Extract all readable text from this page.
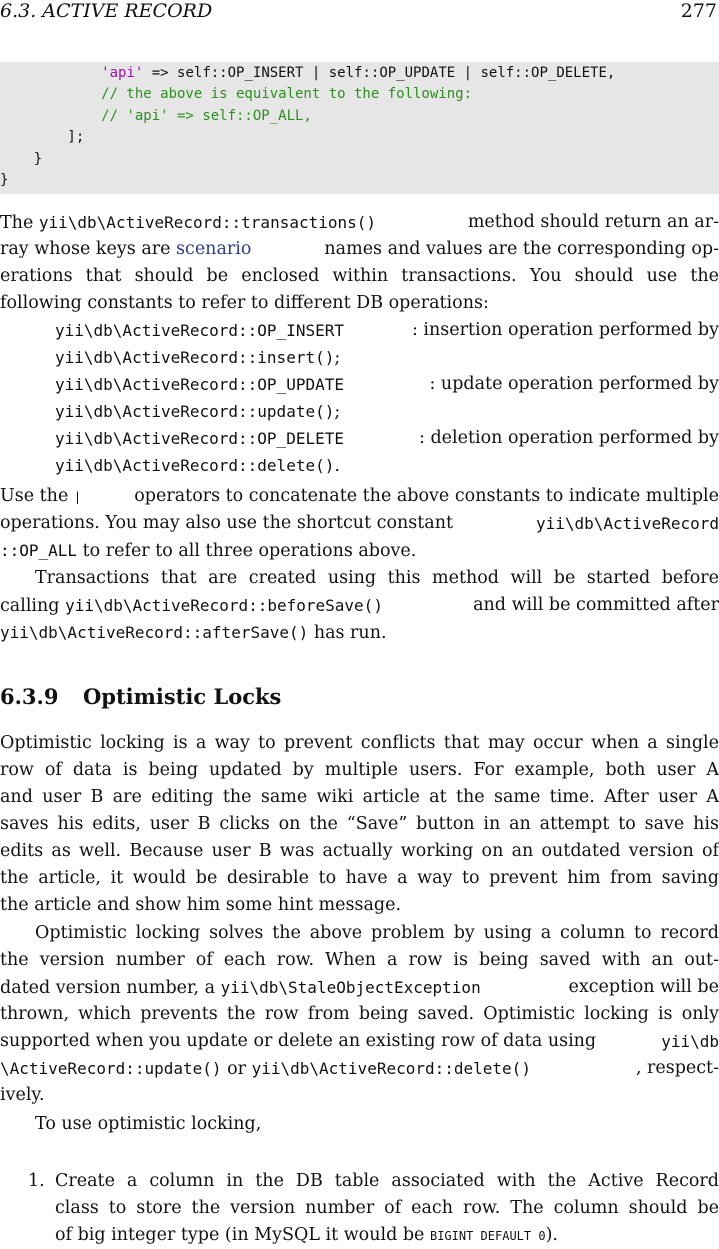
6.3. ACTIVE RECORD	277
'api' => self::OP_INSERT | self::OP_UPDATE | self::OP_DELETE,
// the above is equivalent to the following:
// 'api' => self::OP_ALL,
];
}
}
The yii\db\ActiveRecord::transactions()	method should return an ar-
ray whose keys are scenario	names and values are the corresponding op-
erations that should be enclosed within transactions. You should use the
following constants to refer to different DB operations:
yii\db\ActiveRecord::OP_INSERT	: insertion operation performed by
yii\db\ActiveRecord::insert();
yii\db\ActiveRecord::OP_UPDATE	: update operation performed by
yii\db\ActiveRecord::update();
yii\db\ActiveRecord::OP_DELETE	: deletion operation performed by
yii\db\ActiveRecord::delete().
Use the |	operators to concatenate the above constants to indicate multiple
operations. You may also use the shortcut constant	yii\db\ActiveRecord
::OP_ALL to refer to all three operations above.
Transactions that are created using this method will be started before
calling yii\db\ActiveRecord::beforeSave()	and will be committed after
yii\db\ActiveRecord::afterSave() has run.
6.3.9 Optimistic Locks
Optimistic locking is a way to prevent conflicts that may occur when a single
row of data is being updated by multiple users. For example, both user A
and user B are editing the same wiki article at the same time. After user A
saves his edits, user B clicks on the “Save” button in an attempt to save his
edits as well. Because user B was actually working on an outdated version of
the article, it would be desirable to have a way to prevent him from saving
the article and show him some hint message.
Optimistic locking solves the above problem by using a column to record
the version number of each row. When a row is being saved with an out-
dated version number, a yii\db\StaleObjectException	exception will be
thrown, which prevents the row from being saved. Optimistic locking is only
supported when you update or delete an existing row of data using	yii\db
\ActiveRecord::update() or yii\db\ActiveRecord::delete()	, respect-
ively.
To use optimistic locking,
1. Create a column in the DB table associated with the Active Record
class to store the version number of each row. The column should be
of big integer type (in MySQL it would be BIGINT DEFAULT 0).
